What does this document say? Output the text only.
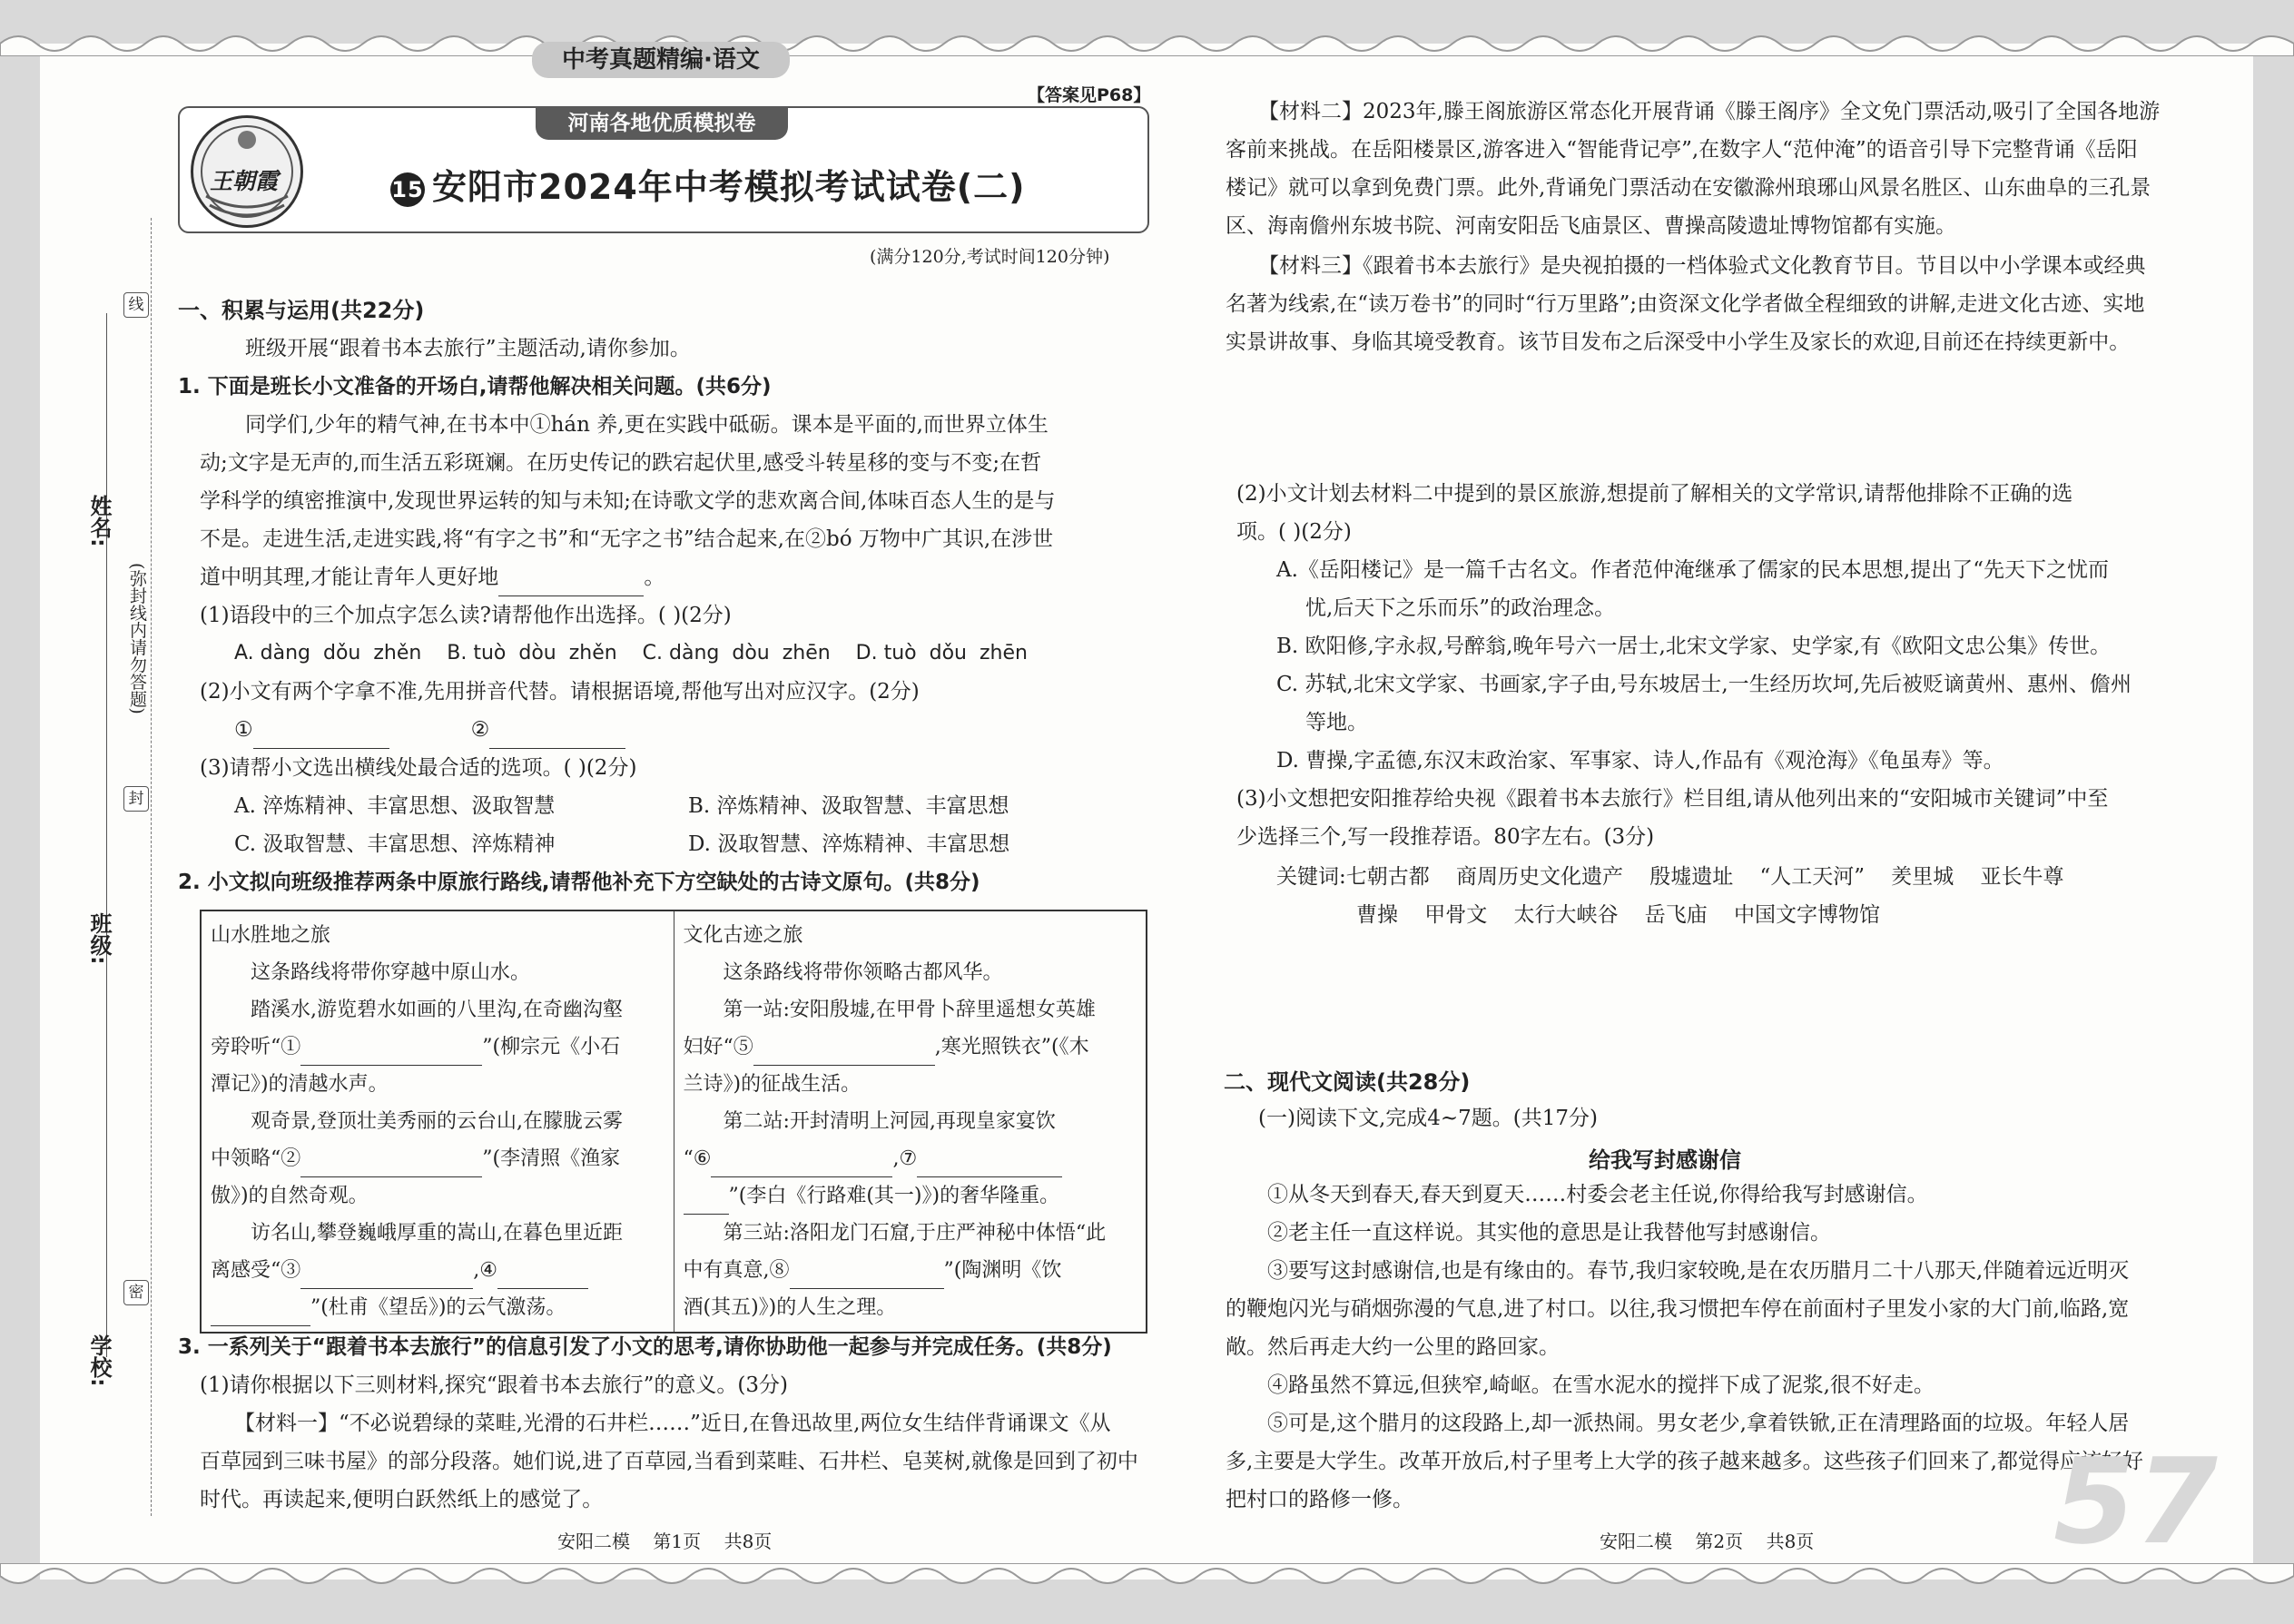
中考真题精编·语文
【答案见P68】
河南各地优质模拟卷
王朝霞	15 安阳市2024年中考模拟考试试卷(二)
(满分120分,考试时间120分钟)
姓名:
班级:
学校:
线
封
密
(弥封线内请勿答题)
一、积累与运用(共22分)
班级开展“跟着书本去旅行”主题活动,请你参加。
1. 下面是班长小文准备的开场白,请帮他解决相关问题。(共6分)
同学们,少年的精气神,在书本中①hán 养,更在实践中砥砺。课本是平面的,而世界立体生
动;文字是无声的,而生活五彩斑斓。在历史传记的跌宕起伏里,感受斗转星移的变与不变;在哲
学科学的缜密推演中,发现世界运转的知与未知;在诗歌文学的悲欢离合间,体味百态人生的是与
不是。走进生活,走进实践,将“有字之书”和“无字之书”结合起来,在②bó 万物中广其识,在涉世
道中明其理,才能让青年人更好地	。
(1)语段中的三个加点字怎么读?请帮他作出选择。( )(2分)
A. dàng  dǒu  zhěn    B. tuò  dòu  zhěn    C. dàng  dòu  zhēn    D. tuò  dǒu  zhēn
(2)小文有两个字拿不准,先用拼音代替。请根据语境,帮他写出对应汉字。(2分)
①	②
(3)请帮小文选出横线处最合适的选项。( )(2分)
A. 淬炼精神、丰富思想、汲取智慧	B. 淬炼精神、汲取智慧、丰富思想
C. 汲取智慧、丰富思想、淬炼精神	D. 汲取智慧、淬炼精神、丰富思想
2. 小文拟向班级推荐两条中原旅行路线,请帮他补充下方空缺处的古诗文原句。(共8分)
山水胜地之旅
这条路线将带你穿越中原山水。
踏溪水,游览碧水如画的八里沟,在奇幽沟壑
旁聆听“①	”(柳宗元《小石
潭记》)的清越水声。
观奇景,登顶壮美秀丽的云台山,在朦胧云雾
中领略“②	”(李清照《渔家
傲》)的自然奇观。
访名山,攀登巍峨厚重的嵩山,在暮色里近距
离感受“③	,④
”(杜甫《望岳》)的云气激荡。

文化古迹之旅
这条路线将带你领略古都风华。
第一站:安阳殷墟,在甲骨卜辞里遥想女英雄
妇好“⑤	,寒光照铁衣”(《木
兰诗》)的征战生活。
第二站:开封清明上河园,再现皇家宴饮
“⑥	,⑦
”(李白《行路难(其一)》)的奢华隆重。
第三站:洛阳龙门石窟,于庄严神秘中体悟“此
中有真意,⑧	”(陶渊明《饮
酒(其五)》)的人生之理。
3. 一系列关于“跟着书本去旅行”的信息引发了小文的思考,请你协助他一起参与并完成任务。(共8分)
(1)请你根据以下三则材料,探究“跟着书本去旅行”的意义。(3分)
【材料一】“不必说碧绿的菜畦,光滑的石井栏……”近日,在鲁迅故里,两位女生结伴背诵课文《从
百草园到三味书屋》的部分段落。她们说,进了百草园,当看到菜畦、石井栏、皂荚树,就像是回到了初中
时代。再读起来,便明白跃然纸上的感觉了。
安阳二模    第1页    共8页
【材料二】2023年,滕王阁旅游区常态化开展背诵《滕王阁序》全文免门票活动,吸引了全国各地游
客前来挑战。在岳阳楼景区,游客进入“智能背记亭”,在数字人“范仲淹”的语音引导下完整背诵《岳阳
楼记》就可以拿到免费门票。此外,背诵免门票活动在安徽滁州琅琊山风景名胜区、山东曲阜的三孔景
区、海南儋州东坡书院、河南安阳岳飞庙景区、曹操高陵遗址博物馆都有实施。
【材料三】《跟着书本去旅行》是央视拍摄的一档体验式文化教育节目。节目以中小学课本或经典
名著为线索,在“读万卷书”的同时“行万里路”;由资深文化学者做全程细致的讲解,走进文化古迹、实地
实景讲故事、身临其境受教育。该节目发布之后深受中小学生及家长的欢迎,目前还在持续更新中。
(2)小文计划去材料二中提到的景区旅游,想提前了解相关的文学常识,请帮他排除不正确的选
项。( )(2分)
A.《岳阳楼记》是一篇千古名文。作者范仲淹继承了儒家的民本思想,提出了“先天下之忧而
忧,后天下之乐而乐”的政治理念。
B. 欧阳修,字永叔,号醉翁,晚年号六一居士,北宋文学家、史学家,有《欧阳文忠公集》传世。
C. 苏轼,北宋文学家、书画家,字子由,号东坡居士,一生经历坎坷,先后被贬谪黄州、惠州、儋州
等地。
D. 曹操,字孟德,东汉末政治家、军事家、诗人,作品有《观沧海》《龟虽寿》等。
(3)小文想把安阳推荐给央视《跟着书本去旅行》栏目组,请从他列出来的“安阳城市关键词”中至
少选择三个,写一段推荐语。80字左右。(3分)
关键词:七朝古都    商周历史文化遗产    殷墟遗址    “人工天河”    羑里城    亚长牛尊
曹操    甲骨文    太行大峡谷    岳飞庙    中国文字博物馆
二、现代文阅读(共28分)
(一)阅读下文,完成4~7题。(共17分)
给我写封感谢信
①从冬天到春天,春天到夏天……村委会老主任说,你得给我写封感谢信。
②老主任一直这样说。其实他的意思是让我替他写封感谢信。
③要写这封感谢信,也是有缘由的。春节,我归家较晚,是在农历腊月二十八那天,伴随着远近明灭
的鞭炮闪光与硝烟弥漫的气息,进了村口。以往,我习惯把车停在前面村子里发小家的大门前,临路,宽
敞。然后再走大约一公里的路回家。
④路虽然不算远,但狭窄,崎岖。在雪水泥水的搅拌下成了泥浆,很不好走。
⑤可是,这个腊月的这段路上,却一派热闹。男女老少,拿着铁锨,正在清理路面的垃圾。年轻人居
多,主要是大学生。改革开放后,村子里考上大学的孩子越来越多。这些孩子们回来了,都觉得应该好好
把村口的路修一修。	57
安阳二模    第2页    共8页
